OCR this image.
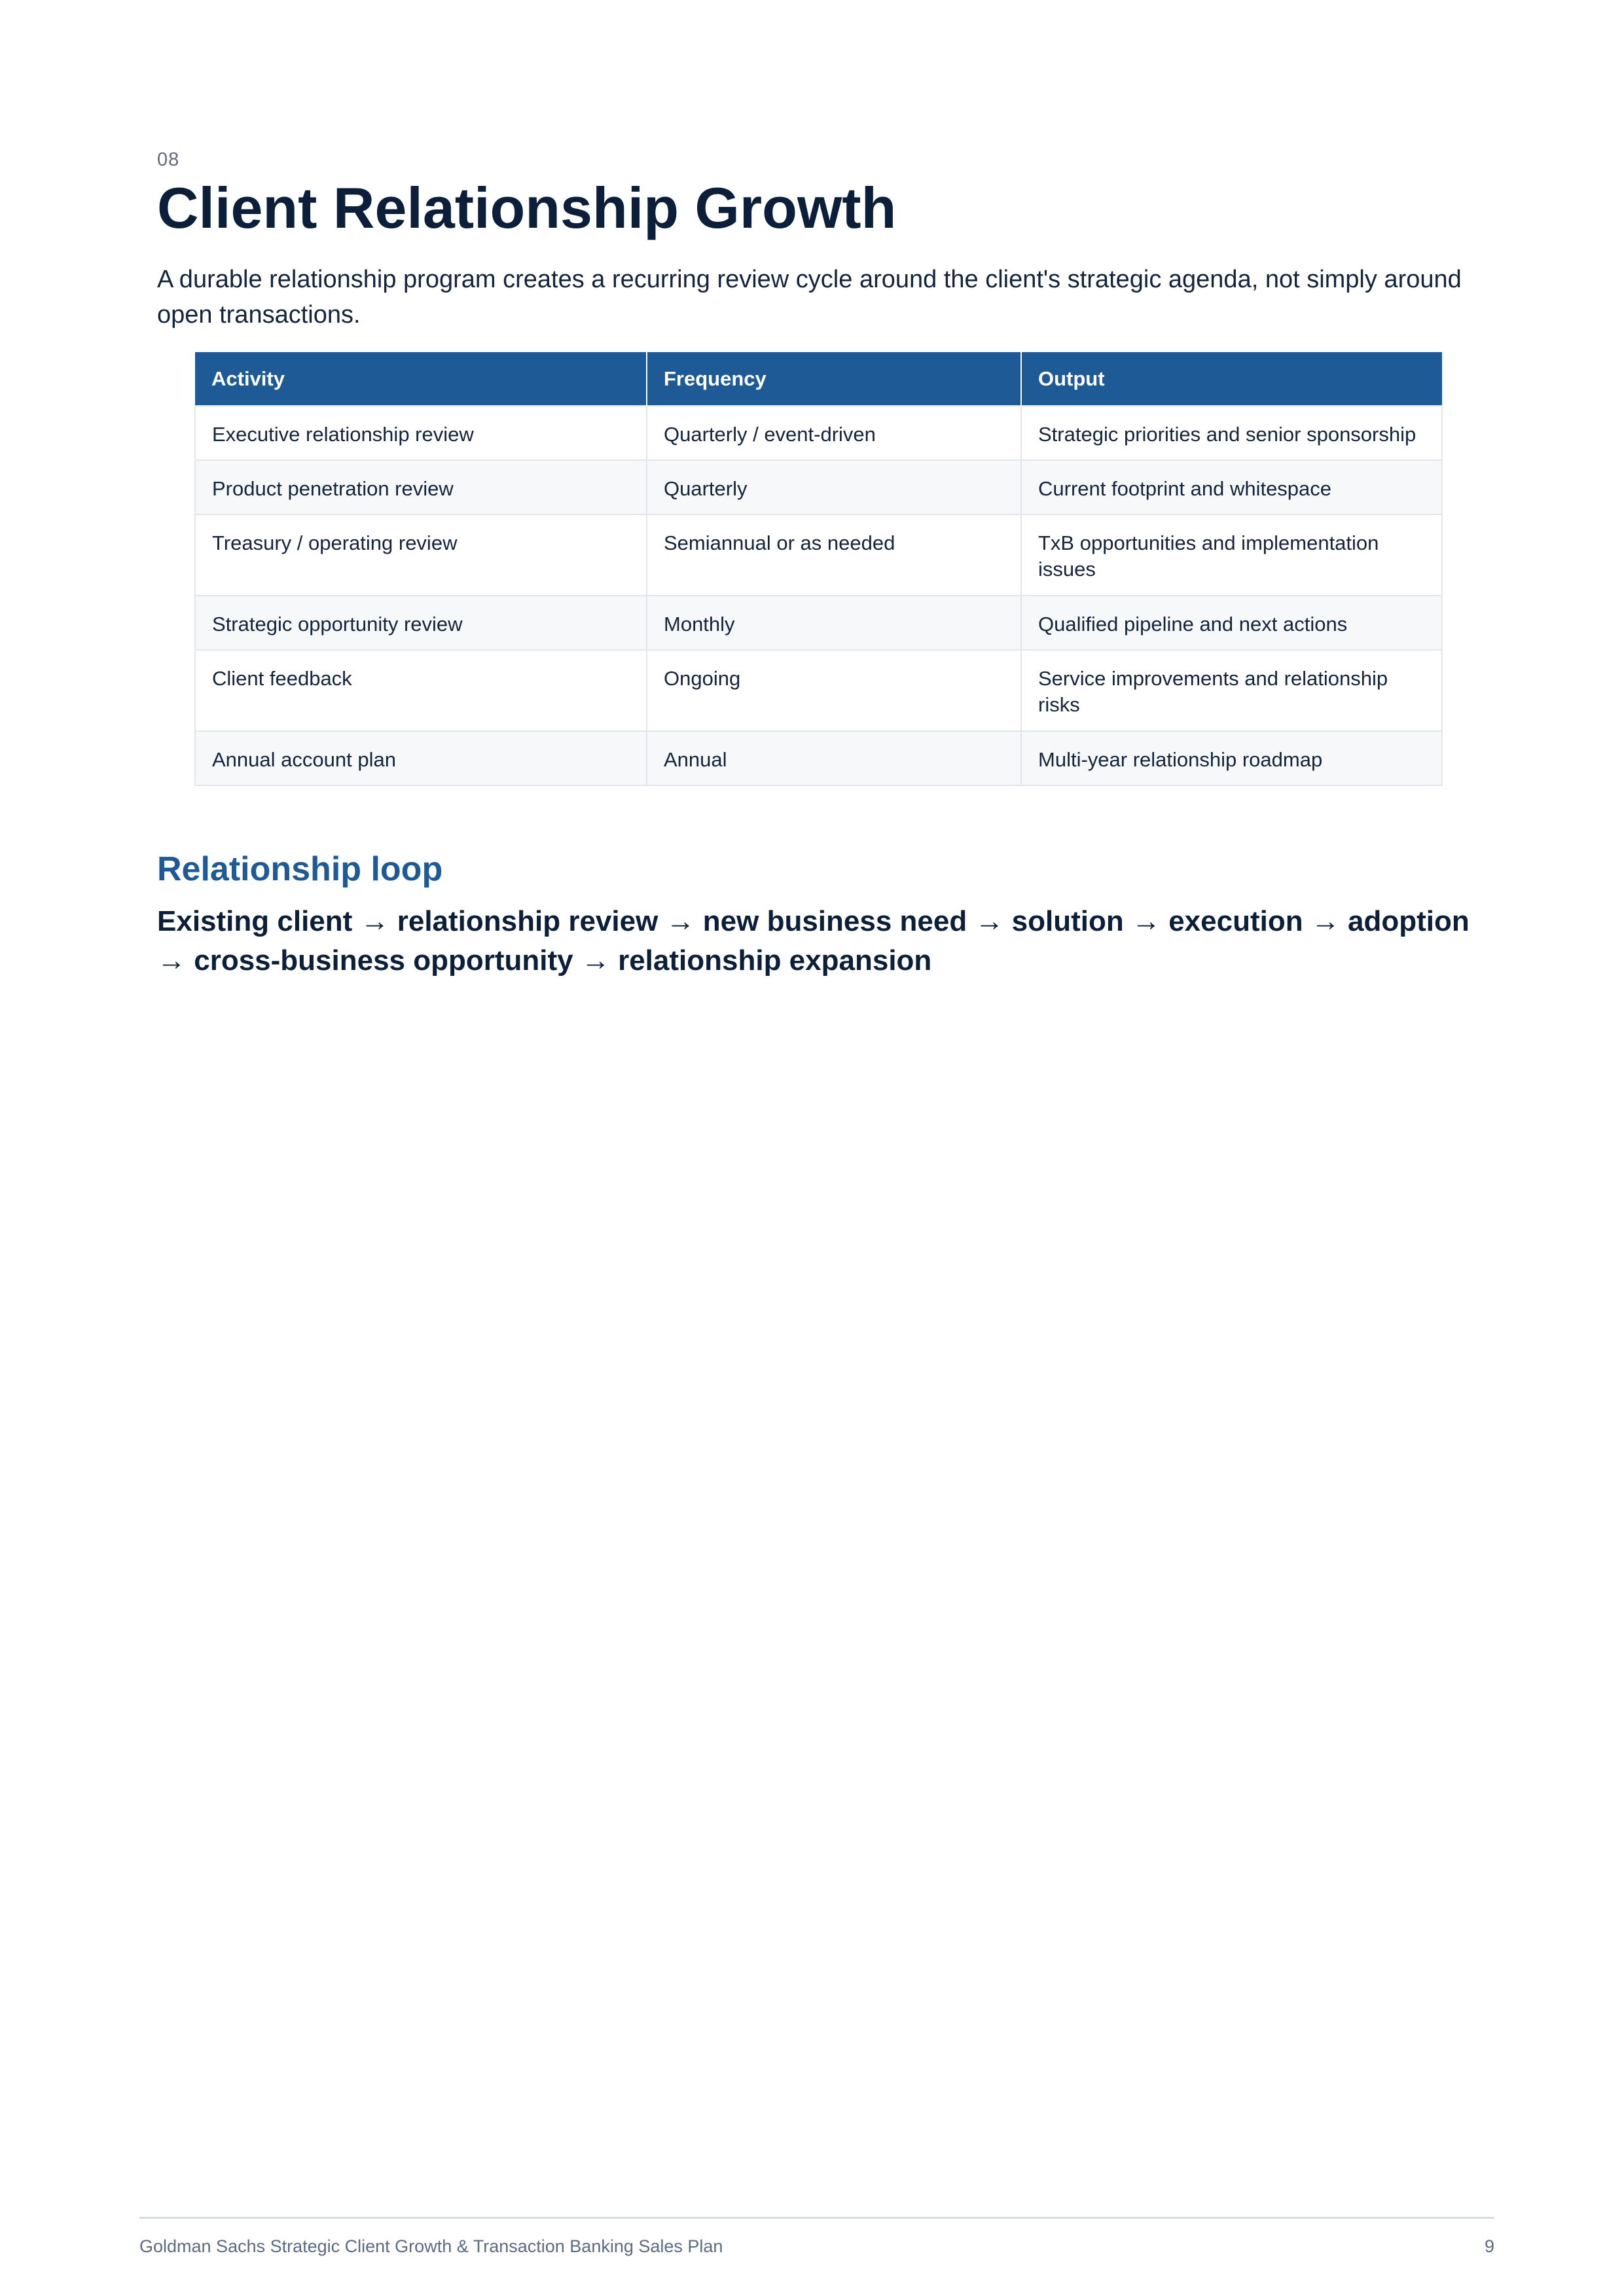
08
Client Relationship Growth

A durable relationship program creates a recurring review cycle around the client's strategic agenda, not simply around open transactions.

Activity	Frequency	Output
Executive relationship review	Quarterly / event-driven	Strategic priorities and senior sponsorship
Product penetration review	Quarterly	Current footprint and whitespace
Treasury / operating review	Semiannual or as needed	TxB opportunities and implementation issues
Strategic opportunity review	Monthly	Qualified pipeline and next actions
Client feedback	Ongoing	Service improvements and relationship risks
Annual account plan	Annual	Multi-year relationship roadmap
Relationship loop

Existing client → relationship review → new business need → solution → execution → adoption → cross-business opportunity → relationship expansion

Goldman Sachs Strategic Client Growth & Transaction Banking Sales Plan	9
